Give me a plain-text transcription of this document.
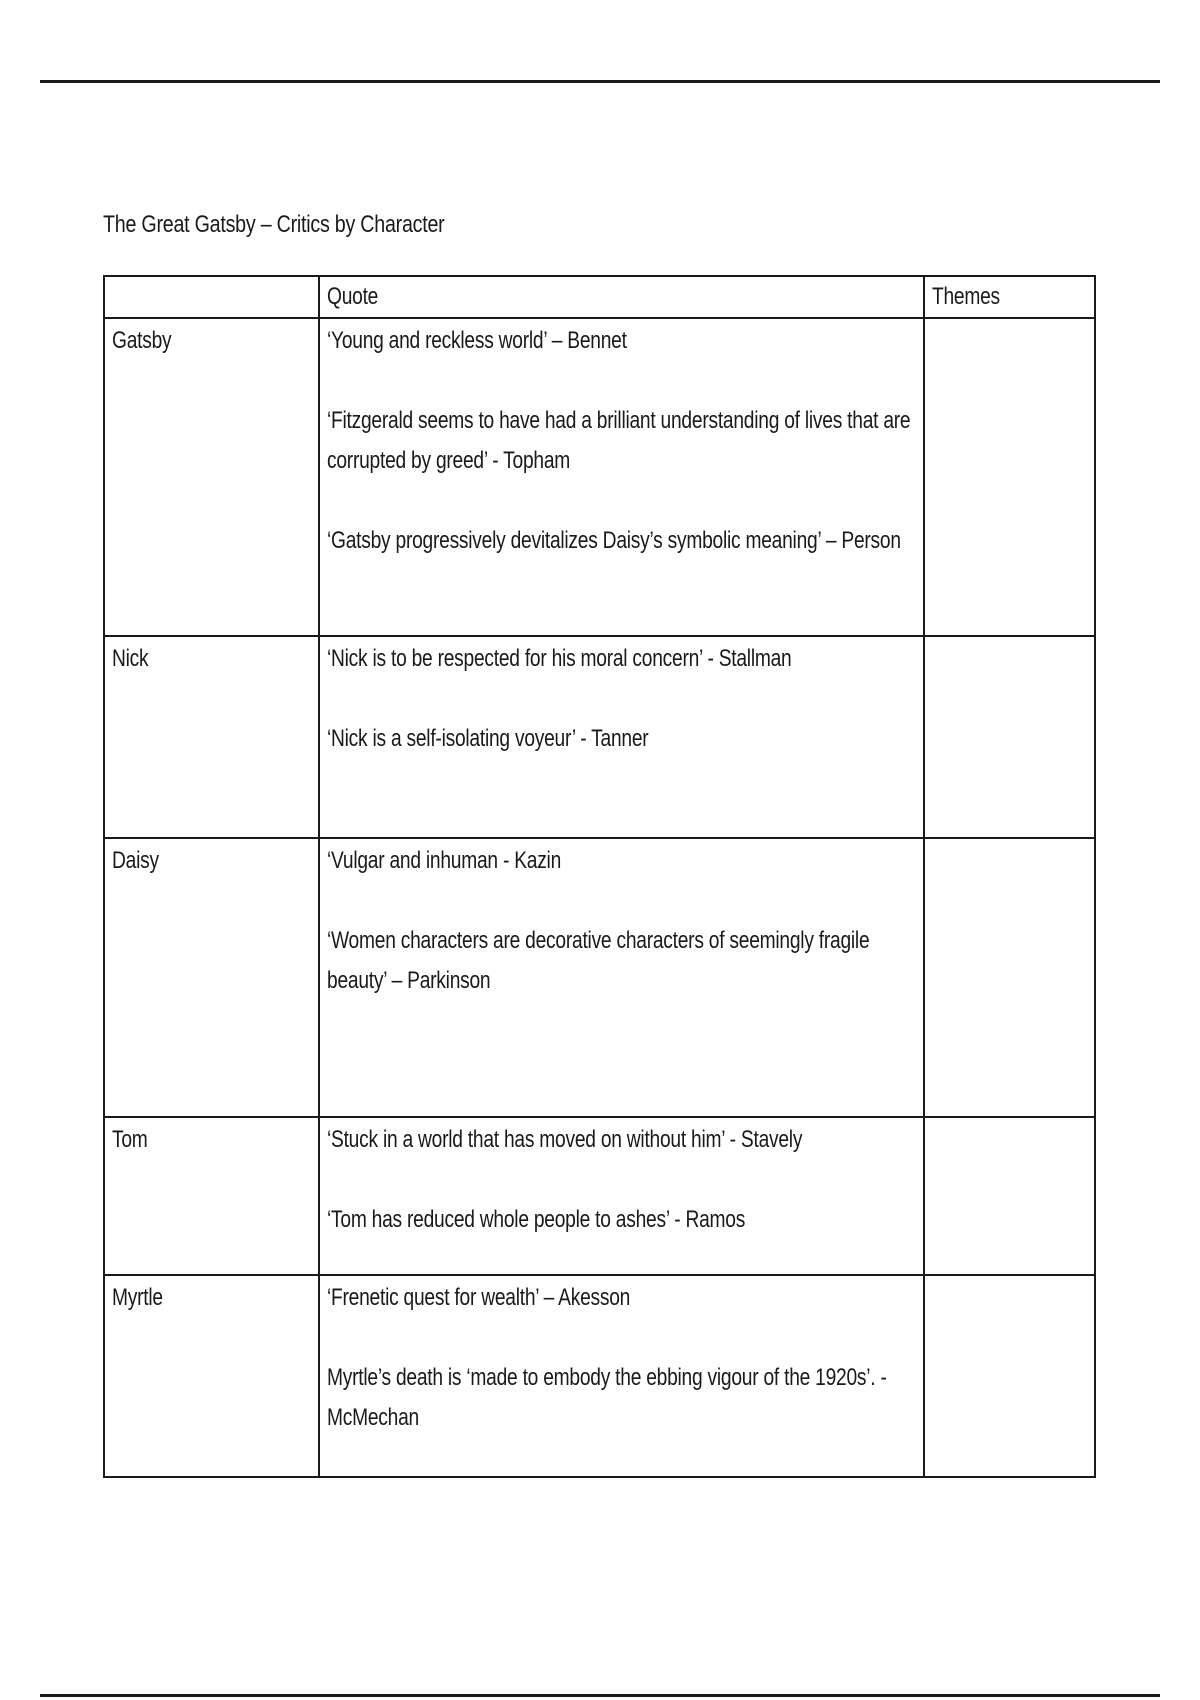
The Great Gatsby – Critics by Character

	Quote	Themes

Gatsby	‘Young and reckless world’ – Bennet

‘Fitzgerald seems to have had a brilliant understanding of lives that are corrupted by greed’ - Topham

‘Gatsby progressively devitalizes Daisy’s symbolic meaning’ – Person	

Nick	‘Nick is to be respected for his moral concern’ - Stallman

‘Nick is a self-isolating voyeur’ - Tanner	

Daisy	‘Vulgar and inhuman - Kazin

‘Women characters are decorative characters of seemingly fragile beauty’ – Parkinson	

Tom	‘Stuck in a world that has moved on without him’ - Stavely

‘Tom has reduced whole people to ashes’ - Ramos	

Myrtle	‘Frenetic quest for wealth’ – Akesson

Myrtle’s death is ‘made to embody the ebbing vigour of the 1920s’. - McMechan	
